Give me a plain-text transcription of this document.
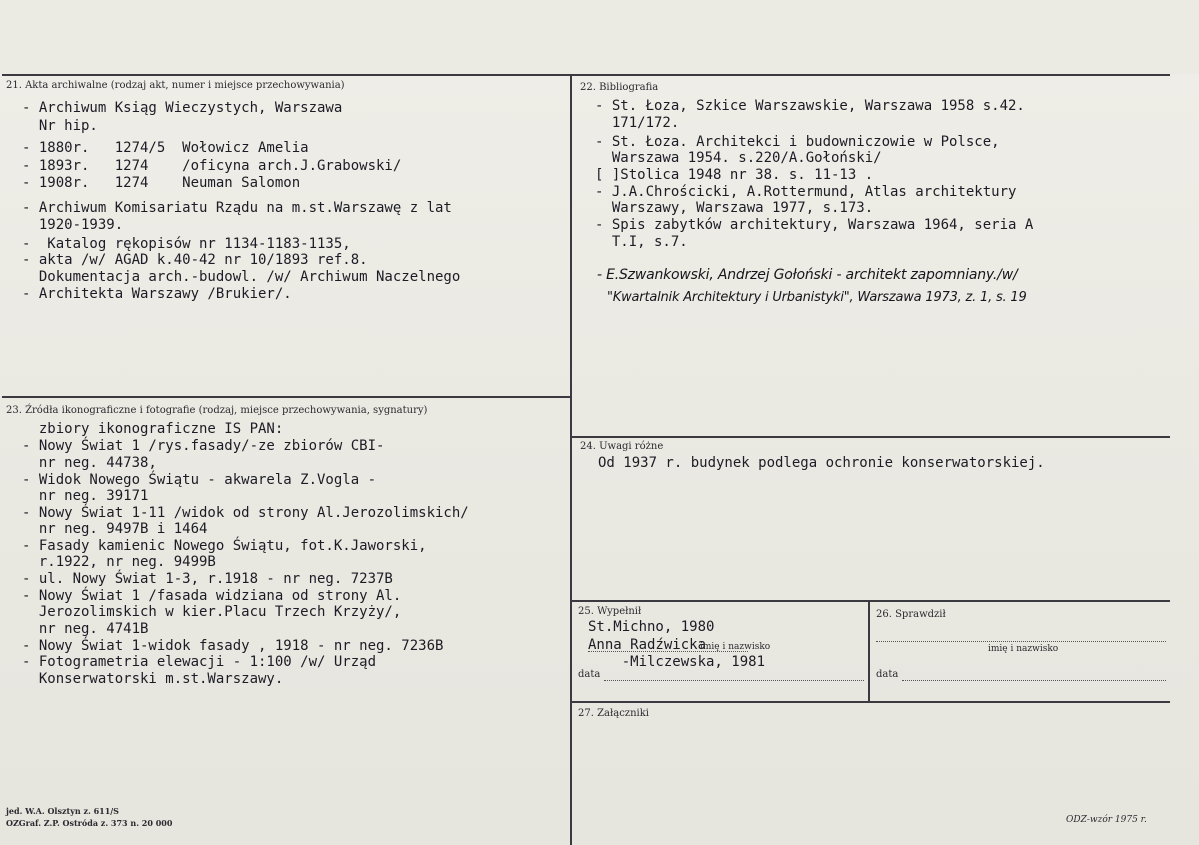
21. Akta archiwalne (rodzaj akt, numer i miejsce przechowywania)
- Archiwum Ksiąg Wieczystych, Warszawa
Nr hip.
- 1880r.   1274/5  Wołowicz Amelia
- 1893r.   1274    /oficyna arch.J.Grabowski/
- 1908r.   1274    Neuman Salomon
- Archiwum Komisariatu Rządu na m.st.Warszawę z lat
1920-1939.
-  Katalog rękopisów nr 1134-1183-1135,
- akta /w/ AGAD k.40-42 nr 10/1893 ref.8.
Dokumentacja arch.-budowl. /w/ Archiwum Naczelnego
- Architekta Warszawy /Brukier/.
22. Bibliografia
- St. Łoza, Szkice Warszawskie, Warszawa 1958 s.42.
171/172.
- St. Łoza. Architekci i budowniczowie w Polsce,
Warszawa 1954. s.220/A.Gołoński/
[ ]Stolica 1948 nr 38. s. 11-13 .
- J.A.Chrościcki, A.Rottermund, Atlas architektury
Warszawy, Warszawa 1977, s.173.
- Spis zabytków architektury, Warszawa 1964, seria A
T.I, s.7.
- E.Szwankowski, Andrzej Gołoński - architekt zapomniany./w/
"Kwartalnik Architektury i Urbanistyki", Warszawa 1973, z. 1, s. 19
23. Źródła ikonograficzne i fotografie (rodzaj, miejsce przechowywania, sygnatury)
zbiory ikonograficzne IS PAN:
- Nowy Świat 1 /rys.fasady/-ze zbiorów CBI-
nr neg. 44738,
- Widok Nowego Świątu - akwarela Z.Vogla -
nr neg. 39171
- Nowy Świat 1-11 /widok od strony Al.Jerozolimskich/
nr neg. 9497B i 1464
- Fasady kamienic Nowego Świątu, fot.K.Jaworski,
r.1922, nr neg. 9499B
- ul. Nowy Świat 1-3, r.1918 - nr neg. 7237B
- Nowy Świat 1 /fasada widziana od strony Al.
Jerozolimskich w kier.Placu Trzech Krzyży/,
nr neg. 4741B
- Nowy Świat 1-widok fasady , 1918 - nr neg. 7236B
- Fotogrametria elewacji - 1:100 /w/ Urząd
Konserwatorski m.st.Warszawy.
24. Uwagi różne
Od 1937 r. budynek podlega ochronie konserwatorskiej.
25. Wypełnił
St.Michno, 1980
Anna Radźwicka
-Milczewska, 1981
imię i nazwisko
data
26. Sprawdził
imię i nazwisko
data
27. Załączniki
jed. W.A. Olsztyn z. 611/S
OZGraf. Z.P. Ostróda z. 373 n. 20 000	ODZ-wzór 1975 r.
